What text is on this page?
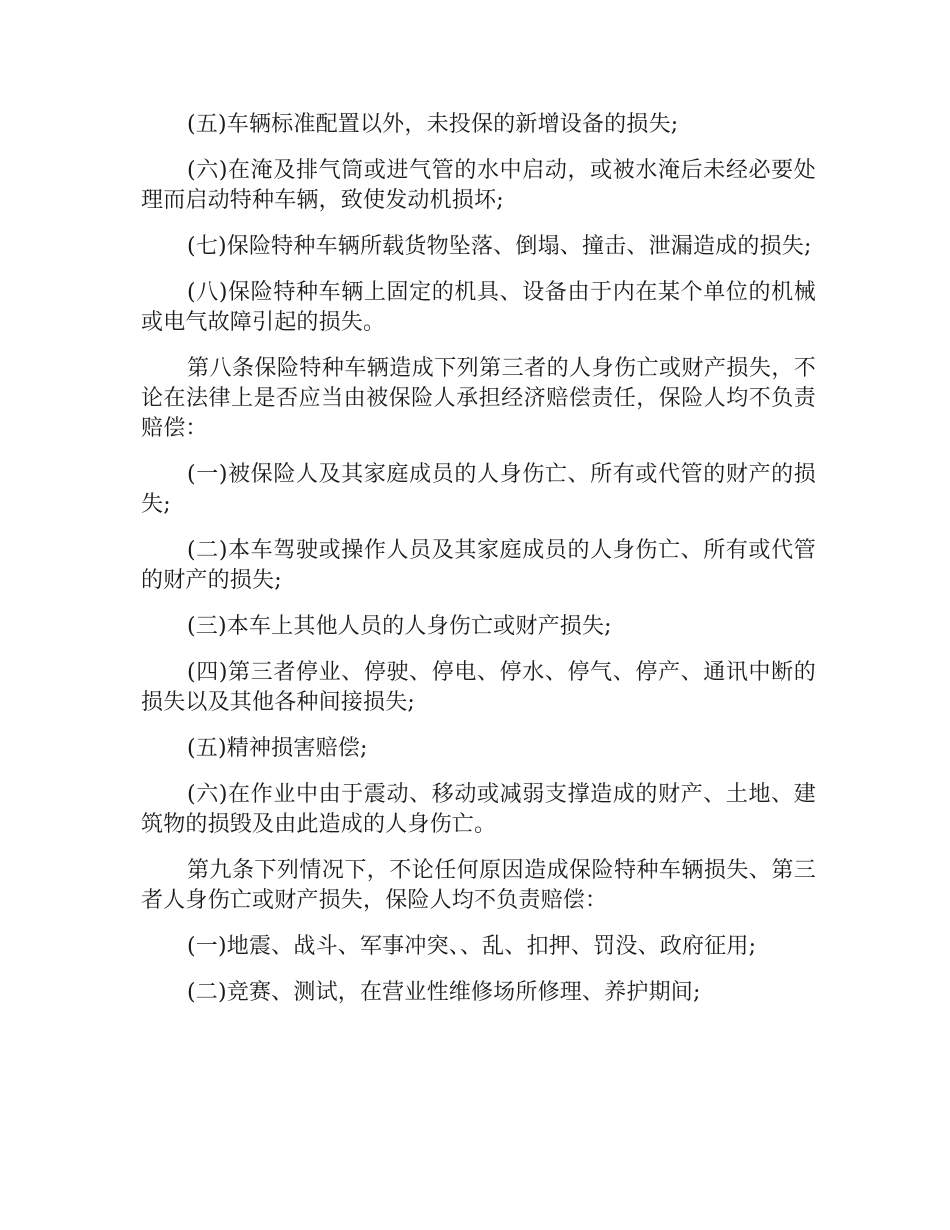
(五)车辆标准配置以外，未投保的新增设备的损失;

(六)在淹及排气筒或进气管的水中启动，或被水淹后未经必要处理而启动特种车辆，致使发动机损坏;

(七)保险特种车辆所载货物坠落、倒塌、撞击、泄漏造成的损失;

(八)保险特种车辆上固定的机具、设备由于内在某个单位的机械或电气故障引起的损失。

第八条保险特种车辆造成下列第三者的人身伤亡或财产损失，不论在法律上是否应当由被保险人承担经济赔偿责任，保险人均不负责赔偿：

(一)被保险人及其家庭成员的人身伤亡、所有或代管的财产的损失;

(二)本车驾驶或操作人员及其家庭成员的人身伤亡、所有或代管的财产的损失;

(三)本车上其他人员的人身伤亡或财产损失;

(四)第三者停业、停驶、停电、停水、停气、停产、通讯中断的损失以及其他各种间接损失;

(五)精神损害赔偿;

(六)在作业中由于震动、移动或减弱支撑造成的财产、土地、建筑物的损毁及由此造成的人身伤亡。

第九条下列情况下，不论任何原因造成保险特种车辆损失、第三者人身伤亡或财产损失，保险人均不负责赔偿：

(一)地震、战斗、军事冲突、、乱、扣押、罚没、政府征用;

(二)竞赛、测试，在营业性维修场所修理、养护期间;
